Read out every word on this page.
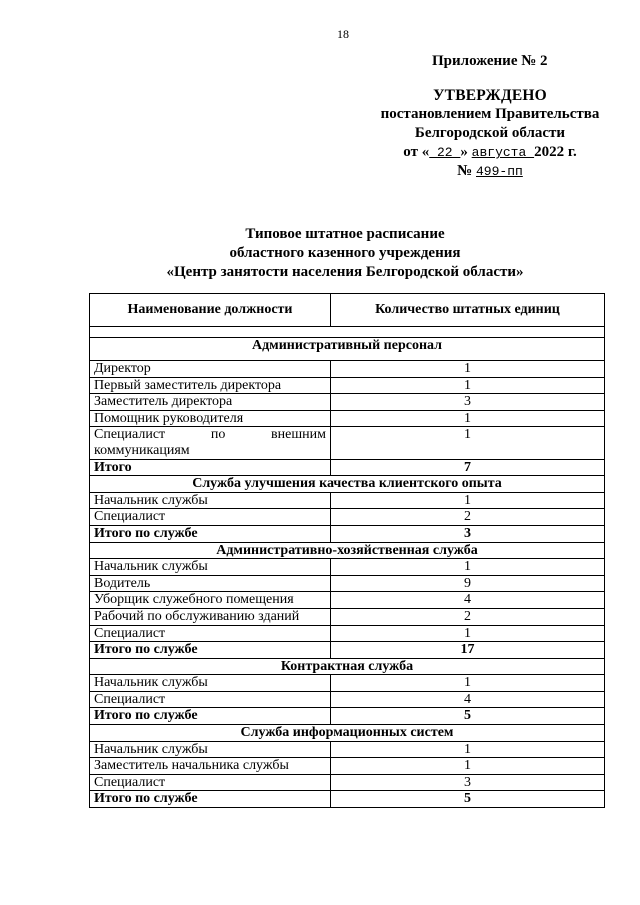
18
Приложение № 2
УТВЕРЖДЕНО
постановлением Правительства
Белгородской области
от « 22 » августа 2022 г.
№ 499-пп
Типовое штатное расписание
областного казенного учреждения
«Центр занятости населения Белгородской области»
Наименование должности	Количество штатных единиц

Административный персонал	
Директор	1
Первый заместитель директора	1
Заместитель директора	3
Помощник руководителя	1

Специалист по внешним
коммуникациям	1
Итого	7
Служба улучшения качества клиентского опыта	
Начальник службы	1
Специалист	2
Итого по службе	3
Административно-хозяйственная служба	
Начальник службы	1
Водитель	9
Уборщик служебного помещения	4
Рабочий по обслуживанию зданий	2
Специалист	1
Итого по службе	17
Контрактная служба	
Начальник службы	1
Специалист	4
Итого по службе	5
Служба информационных систем	
Начальник службы	1
Заместитель начальника службы	1
Специалист	3
Итого по службе	5
